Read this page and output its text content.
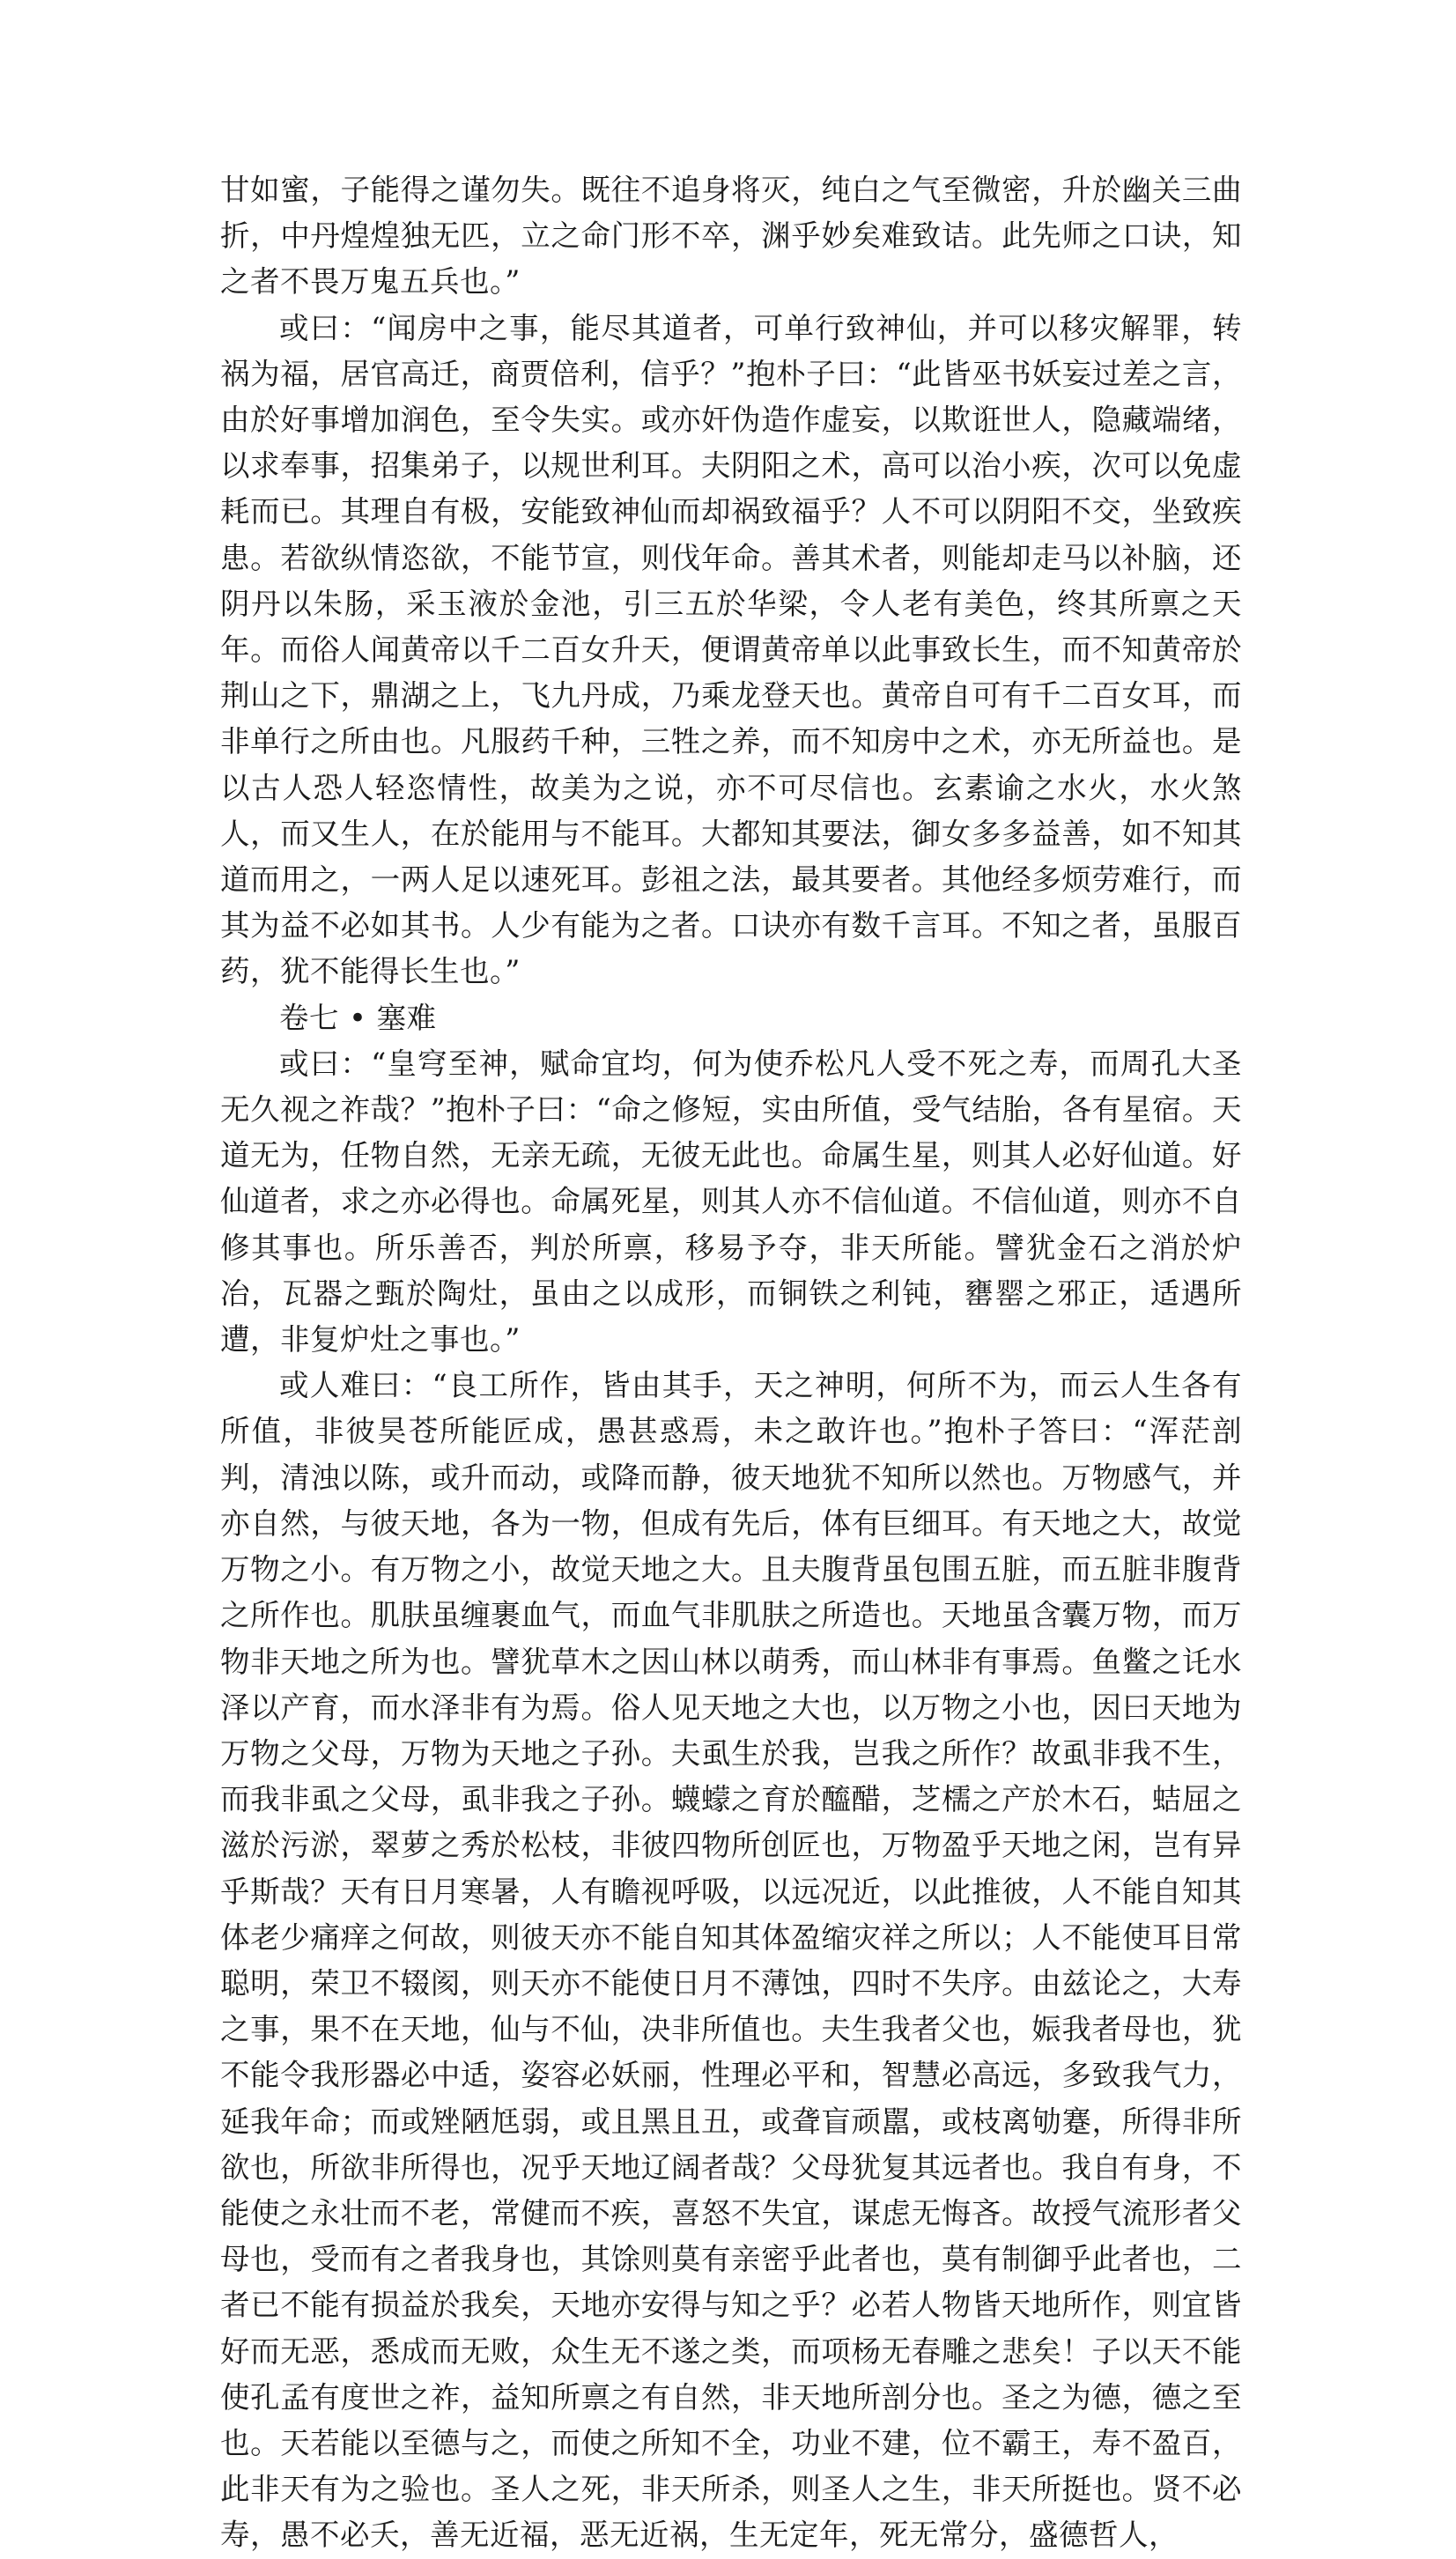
甘如蜜，子能得之谨勿失。既往不追身将灭，纯白之气至微密，升於幽关三曲折，中丹煌煌独无匹，立之命门形不卒，渊乎妙矣难致诘。此先师之口诀，知之者不畏万鬼五兵也。”

或曰：“闻房中之事，能尽其道者，可单行致神仙，并可以移灾解罪，转祸为福，居官高迁，商贾倍利，信乎？”抱朴子曰：“此皆巫书妖妄过差之言，由於好事增加润色，至令失实。或亦奸伪造作虚妄，以欺诳世人，隐藏端绪，以求奉事，招集弟子，以规世利耳。夫阴阳之术，高可以治小疾，次可以免虚耗而已。其理自有极，安能致神仙而却祸致福乎？人不可以阴阳不交，坐致疾患。若欲纵情恣欲，不能节宣，则伐年命。善其术者，则能却走马以补脑，还阴丹以朱肠，采玉液於金池，引三五於华梁，令人老有美色，终其所禀之天年。而俗人闻黄帝以千二百女升天，便谓黄帝单以此事致长生，而不知黄帝於荆山之下，鼎湖之上，飞九丹成，乃乘龙登天也。黄帝自可有千二百女耳，而非单行之所由也。凡服药千种，三牲之养，而不知房中之术，亦无所益也。是以古人恐人轻恣情性，故美为之说，亦不可尽信也。玄素谕之水火，水火煞人，而又生人，在於能用与不能耳。大都知其要法，御女多多益善，如不知其道而用之，一两人足以速死耳。彭祖之法，最其要者。其他经多烦劳难行，而其为益不必如其书。人少有能为之者。口诀亦有数千言耳。不知之者，虽服百药，犹不能得长生也。”

卷七 • 塞难

或曰：“皇穹至神，赋命宜均，何为使乔松凡人受不死之寿，而周孔大圣无久视之祚哉？”抱朴子曰：“命之修短，实由所值，受气结胎，各有星宿。天道无为，任物自然，无亲无疏，无彼无此也。命属生星，则其人必好仙道。好仙道者，求之亦必得也。命属死星，则其人亦不信仙道。不信仙道，则亦不自修其事也。所乐善否，判於所禀，移易予夺，非天所能。譬犹金石之消於炉冶，瓦器之甄於陶灶，虽由之以成形，而铜铁之利钝，罋罂之邪正，适遇所遭，非复炉灶之事也。”

或人难曰：“良工所作，皆由其手，天之神明，何所不为，而云人生各有所值，非彼昊苍所能匠成，愚甚惑焉，未之敢许也。”抱朴子答曰：“浑茫剖判，清浊以陈，或升而动，或降而静，彼天地犹不知所以然也。万物感气，并亦自然，与彼天地，各为一物，但成有先后，体有巨细耳。有天地之大，故觉万物之小。有万物之小，故觉天地之大。且夫腹背虽包围五脏，而五脏非腹背之所作也。肌肤虽缠裹血气，而血气非肌肤之所造也。天地虽含囊万物，而万物非天地之所为也。譬犹草木之因山林以萌秀，而山林非有事焉。鱼鳖之讬水泽以产育，而水泽非有为焉。俗人见天地之大也，以万物之小也，因曰天地为万物之父母，万物为天地之子孙。夫虱生於我，岂我之所作？故虱非我不生，而我非虱之父母，虱非我之子孙。蠛蠓之育於醯醋，芝檽之产於木石，蛣屈之滋於污淤，翠萝之秀於松枝，非彼四物所创匠也，万物盈乎天地之闲，岂有异乎斯哉？天有日月寒暑，人有瞻视呼吸，以远况近，以此推彼，人不能自知其体老少痛痒之何故，则彼天亦不能自知其体盈缩灾祥之所以；人不能使耳目常聪明，荣卫不辍阂，则天亦不能使日月不薄蚀，四时不失序。由兹论之，大寿之事，果不在天地，仙与不仙，决非所值也。夫生我者父也，娠我者母也，犹不能令我形器必中适，姿容必妖丽，性理必平和，智慧必高远，多致我气力，延我年命；而或矬陋尪弱，或且黑且丑，或聋盲顽嚚，或枝离劬蹇，所得非所欲也，所欲非所得也，况乎天地辽阔者哉？父母犹复其远者也。我自有身，不能使之永壮而不老，常健而不疾，喜怒不失宜，谋虑无悔吝。故授气流形者父母也，受而有之者我身也，其馀则莫有亲密乎此者也，莫有制御乎此者也，二者已不能有损益於我矣，天地亦安得与知之乎？必若人物皆天地所作，则宜皆好而无恶，悉成而无败，众生无不遂之类，而项杨无春雕之悲矣！子以天不能使孔孟有度世之祚，益知所禀之有自然，非天地所剖分也。圣之为德，德之至也。天若能以至德与之，而使之所知不全，功业不建，位不霸王，寿不盈百，此非天有为之验也。圣人之死，非天所杀，则圣人之生，非天所挺也。贤不必寿，愚不必夭，善无近福，恶无近祸，生无定年，死无常分，盛德哲人，
